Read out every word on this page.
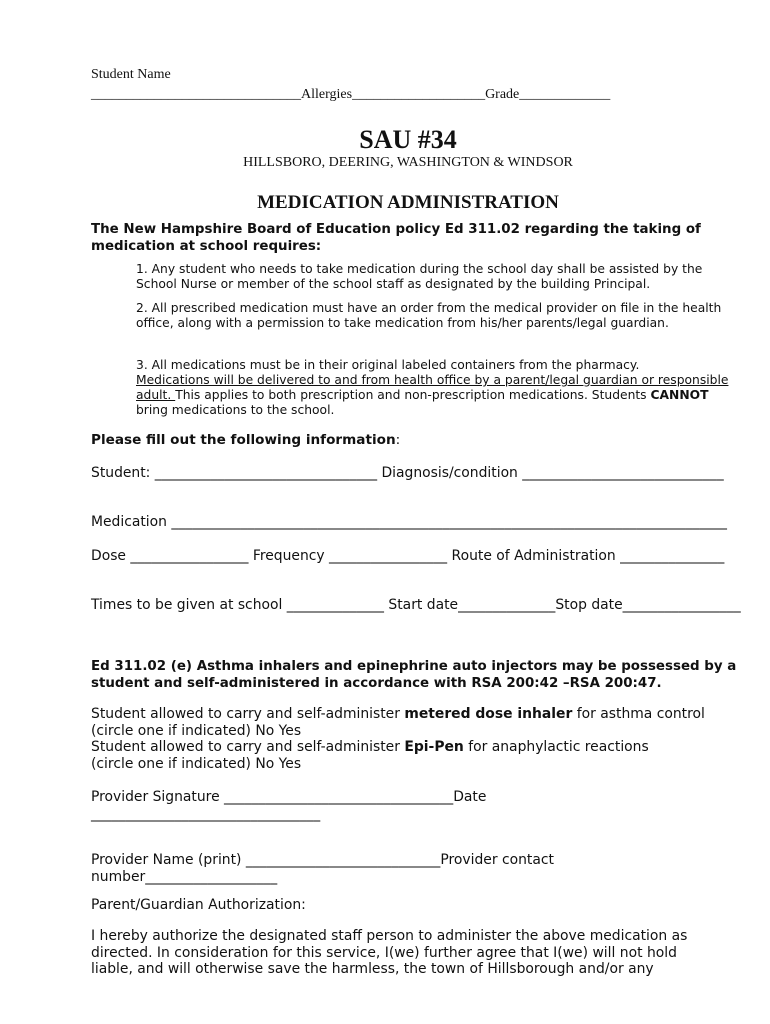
Student Name
______________________________Allergies___________________Grade_____________
SAU #34
HILLSBORO, DEERING, WASHINGTON & WINDSOR
MEDICATION ADMINISTRATION
The New Hampshire Board of Education policy Ed 311.02 regarding the taking of medication at school requires:
1. Any student who needs to take medication during the school day shall be assisted by the School Nurse or member of the school staff as designated by the building Principal.
2. All prescribed medication must have an order from the medical provider on file in the health office, along with a permission to take medication from his/her parents/legal guardian.
3. All medications must be in their original labeled containers from the pharmacy.
Medications will be delivered to and from health office by a parent/legal guardian or responsible adult. This applies to both prescription and non-prescription medications. Students CANNOT bring medications to the school.
Please fill out the following information:
Student: ________________________________ Diagnosis/condition _____________________________
Medication ________________________________________________________________________________
Dose _________________ Frequency _________________ Route of Administration _______________
Times to be given at school ______________ Start date______________Stop date_________________
Ed 311.02 (e) Asthma inhalers and epinephrine auto injectors may be possessed by a student and self-administered in accordance with RSA 200:42 –RSA 200:47.
Student allowed to carry and self-administer metered dose inhaler for asthma control
(circle one if indicated) No Yes
Student allowed to carry and self-administer Epi-Pen for anaphylactic reactions
(circle one if indicated) No Yes
Provider Signature _________________________________Date _________________________________
Provider Name (print) ____________________________Provider contact number___________________
Parent/Guardian Authorization:
I hereby authorize the designated staff person to administer the above medication as directed. In consideration for this service, I(we) further agree that I(we) will not hold liable, and will otherwise save the harmless, the town of Hillsborough and/or any
